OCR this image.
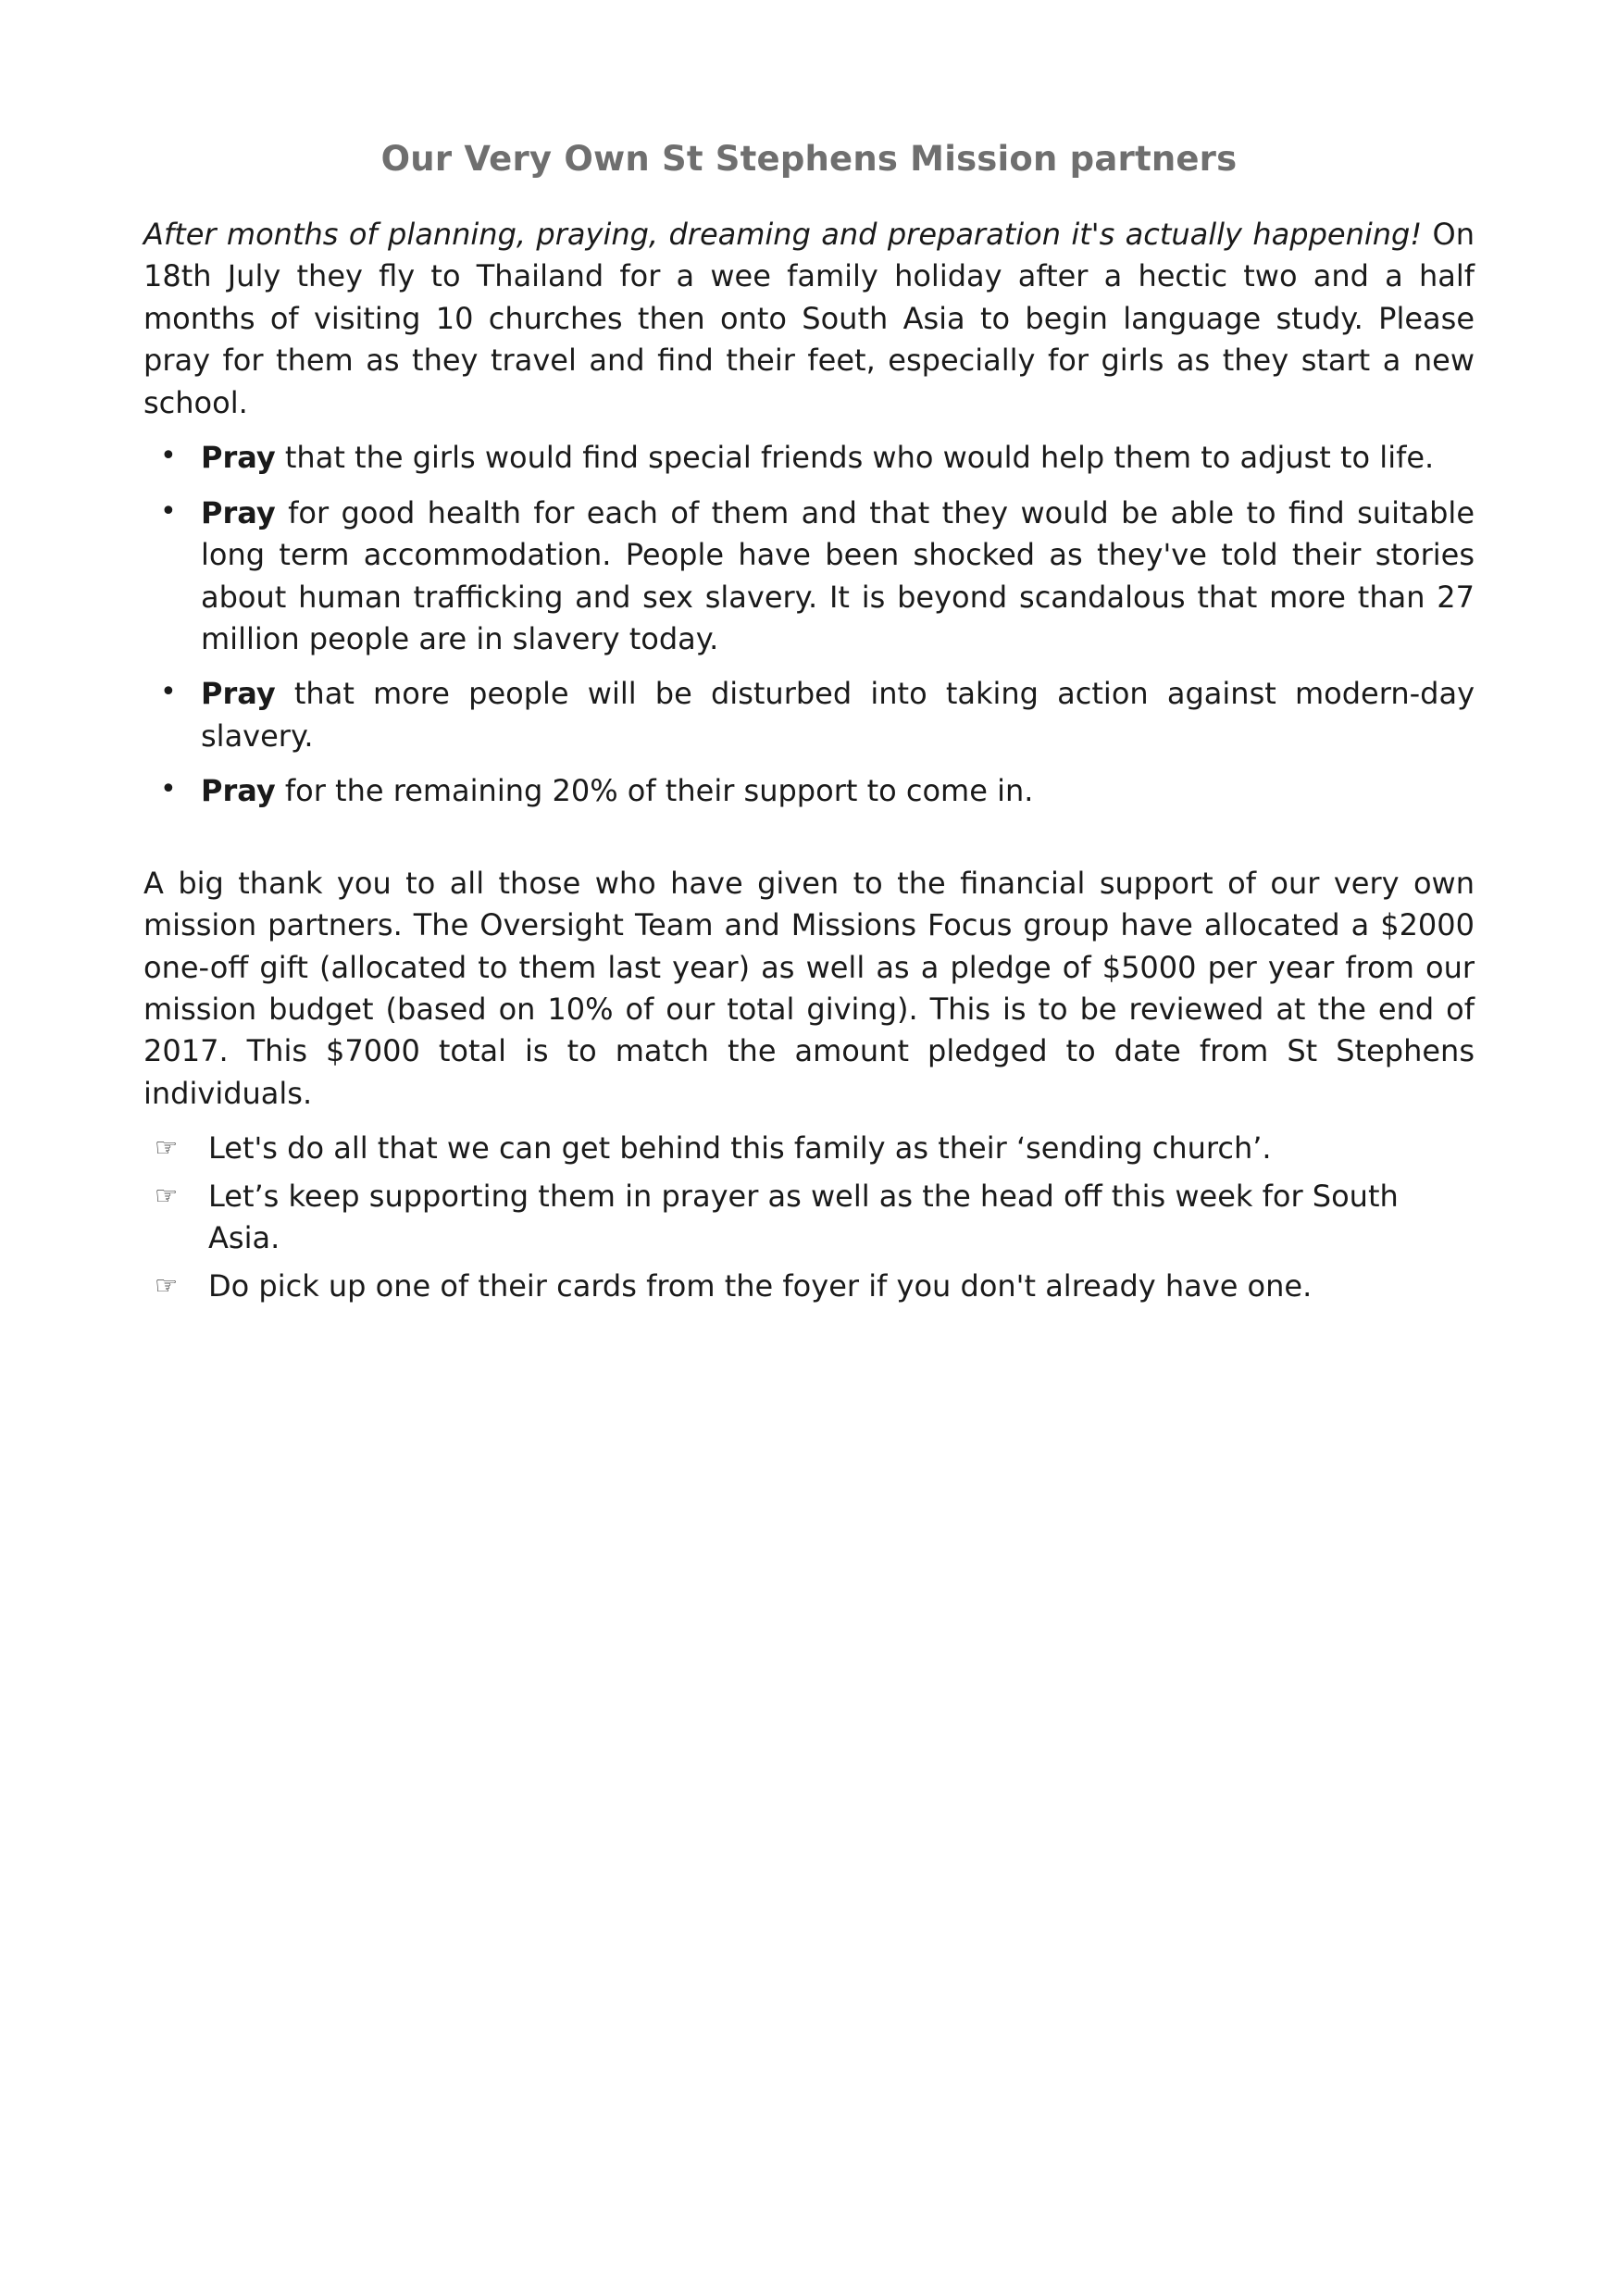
Our Very Own St Stephens Mission partners

After months of planning, praying, dreaming and preparation it's actually happening! On 18th July they fly to Thailand for a wee family holiday after a hectic two and a half months of visiting 10 churches then onto South Asia to begin language study. Please pray for them as they travel and find their feet, especially for girls as they start a new school.

• Pray that the girls would find special friends who would help them to adjust to life.
• Pray for good health for each of them and that they would be able to find suitable long term accommodation. People have been shocked as they've told their stories about human trafficking and sex slavery. It is beyond scandalous that more than 27 million people are in slavery today.
• Pray that more people will be disturbed into taking action against modern-day slavery.
• Pray for the remaining 20% of their support to come in.

A big thank you to all those who have given to the financial support of our very own mission partners. The Oversight Team and Missions Focus group have allocated a $2000 one-off gift (allocated to them last year) as well as a pledge of $5000 per year from our mission budget (based on 10% of our total giving). This is to be reviewed at the end of 2017. This $7000 total is to match the amount pledged to date from St Stephens individuals.

☞ Let's do all that we can get behind this family as their ‘sending church’.
☞ Let’s keep supporting them in prayer as well as the head off this week for South Asia.
☞ Do pick up one of their cards from the foyer if you don't already have one.
